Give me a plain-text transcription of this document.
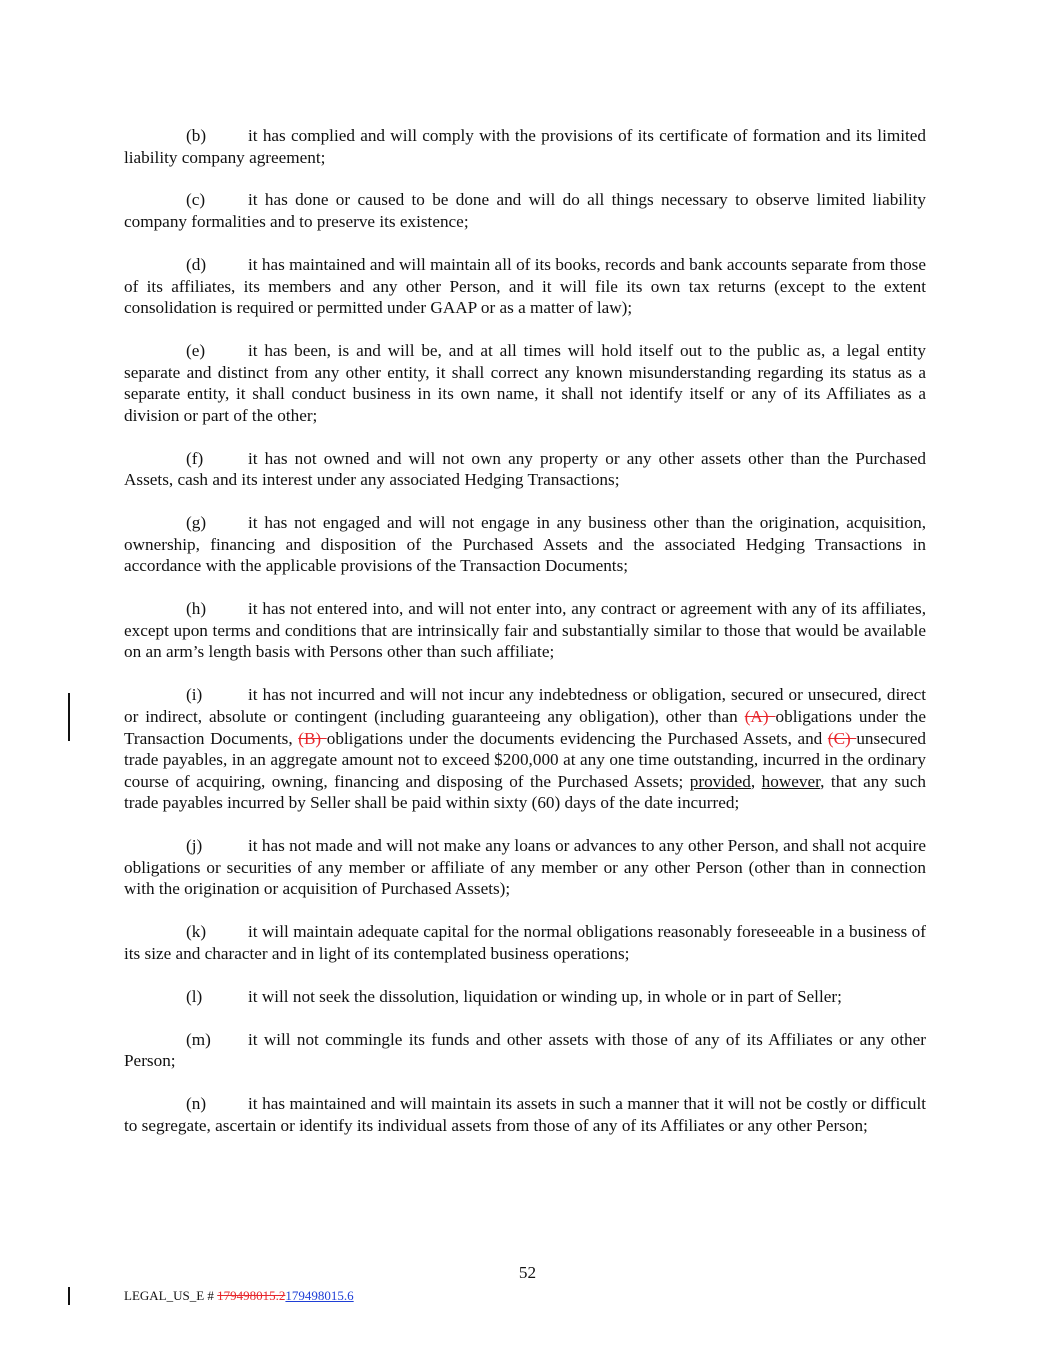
(b) it has complied and will comply with the provisions of its certificate of formation and its limited liability company agreement;

(c) it has done or caused to be done and will do all things necessary to observe limited liability company formalities and to preserve its existence;

(d) it has maintained and will maintain all of its books, records and bank accounts separate from those of its affiliates, its members and any other Person, and it will file its own tax returns (except to the extent consolidation is required or permitted under GAAP or as a matter of law);

(e) it has been, is and will be, and at all times will hold itself out to the public as, a legal entity separate and distinct from any other entity, it shall correct any known misunderstanding regarding its status as a separate entity, it shall conduct business in its own name, it shall not identify itself or any of its Affiliates as a division or part of the other;

(f)	it has not owned and will not own any property or any other assets other than the Purchased Assets, cash and its interest under any associated Hedging Transactions;

(g) it has not engaged and will not engage in any business other than the origination, acquisition, ownership, financing and disposition of the Purchased Assets and the associated Hedging Transactions in accordance with the applicable provisions of the Transaction Documents;

(h) it has not entered into, and will not enter into, any contract or agreement with any of its affiliates, except upon terms and conditions that are intrinsically fair and substantially similar to those that would be available on an arm’s length basis with Persons other than such affiliate;

(i)	it has not incurred and will not incur any indebtedness or obligation, secured or unsecured, direct or indirect, absolute or contingent (including guaranteeing any obligation), other than (A) obligations under the Transaction Documents, (B) obligations under the documents evidencing the Purchased Assets, and (C) unsecured trade payables, in an aggregate amount not to exceed $200,000 at any one time outstanding, incurred in the ordinary course of acquiring, owning, financing and disposing of the Purchased Assets; provided, however, that any such trade payables incurred by Seller shall be paid within sixty (60) days of the date incurred;

(j)	it has not made and will not make any loans or advances to any other Person, and shall not acquire obligations or securities of any member or affiliate of any member or any other Person (other than in connection with the origination or acquisition of Purchased Assets);

(k) it will maintain adequate capital for the normal obligations reasonably foreseeable in a business of its size and character and in light of its contemplated business operations;

(l)	it will not seek the dissolution, liquidation or winding up, in whole or in part of Seller;

(m) it will not commingle its funds and other assets with those of any of its Affiliates or any other Person;

(n) it has maintained and will maintain its assets in such a manner that it will not be costly or difficult to segregate, ascertain or identify its individual assets from those of any of its Affiliates or any other Person;

52
LEGAL_US_E # 179498015.2179498015.6
